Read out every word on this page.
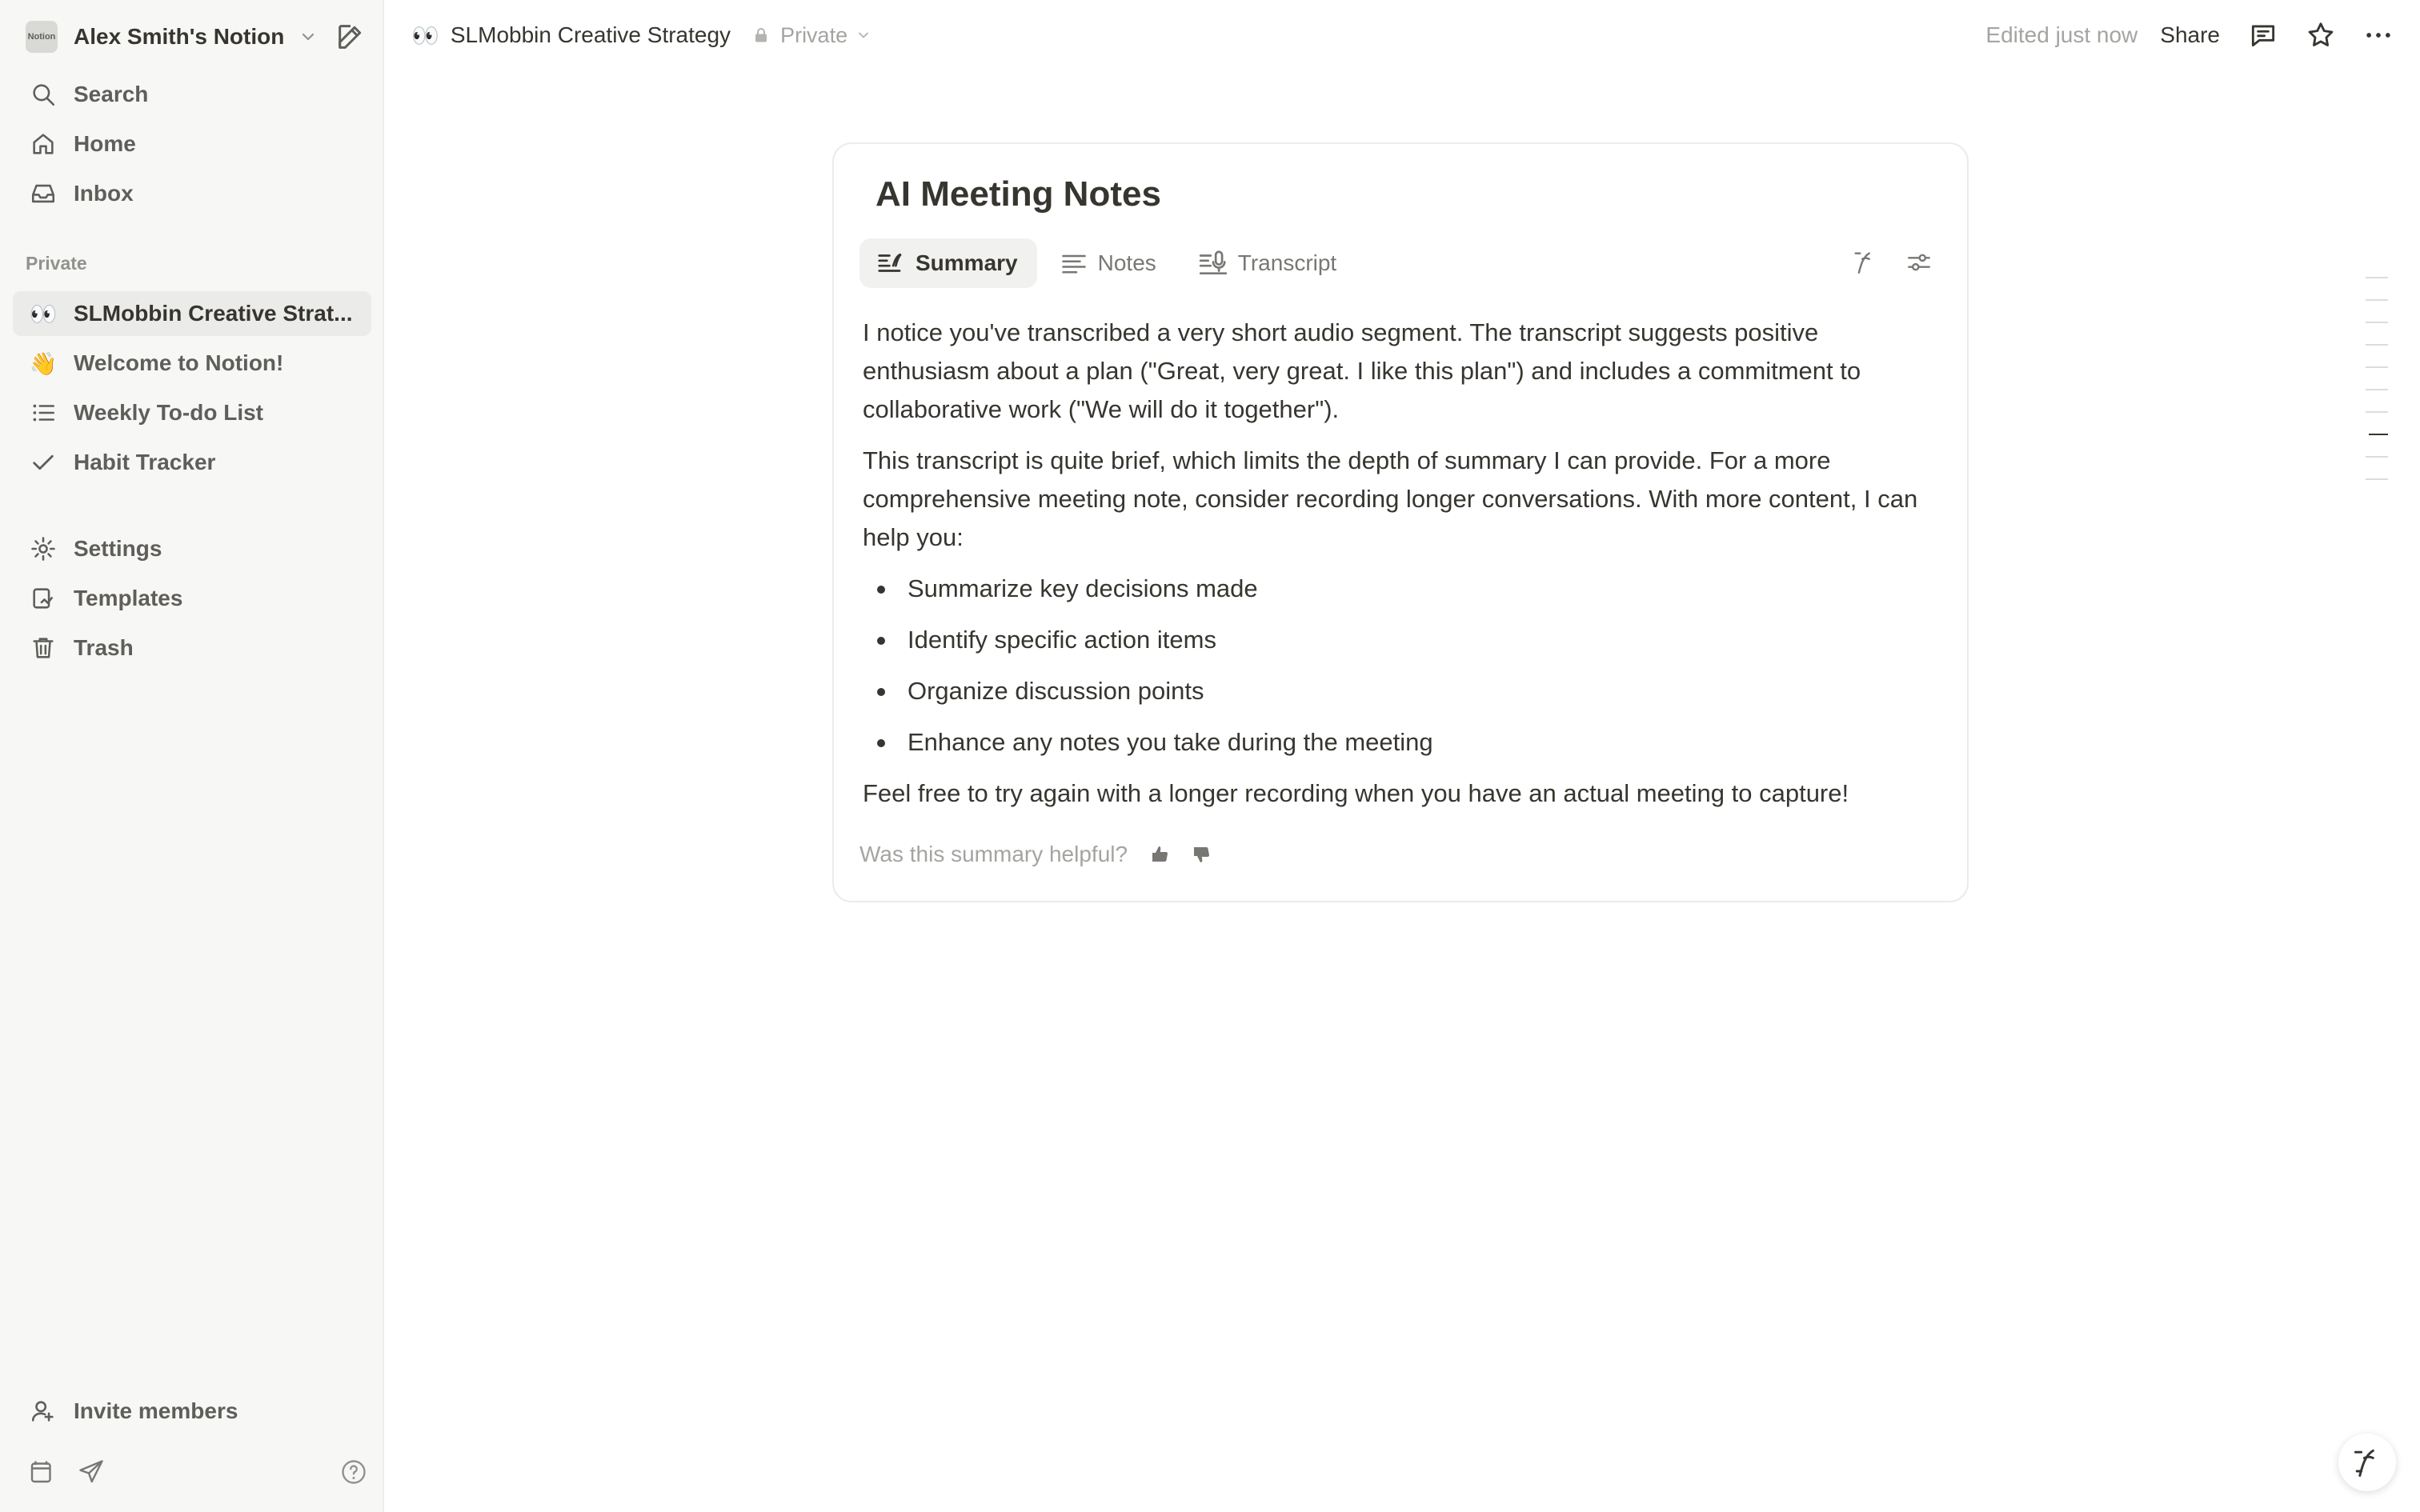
Notion Alex Smith's Notion
Search
Home
Inbox
Private
👀 SLMobbin Creative Strat...
👋 Welcome to Notion!
Weekly To-do List
Habit Tracker
Settings
Templates
Trash
Invite members
👀 SLMobbin Creative Strategy Private	Edited just now Share
AI Meeting Notes
Summary	Notes	Transcript

I notice you've transcribed a very short audio segment. The transcript suggests positive enthusiasm about a plan ("Great, very great. I like this plan") and includes a commitment to collaborative work ("We will do it together").

This transcript is quite brief, which limits the depth of summary I can provide. For a more comprehensive meeting note, consider recording longer conversations. With more content, I can help you:

Summarize key decisions made
Identify specific action items
Organize discussion points
Enhance any notes you take during the meeting

Feel free to try again with a longer recording when you have an actual meeting to capture!

Was this summary helpful?
